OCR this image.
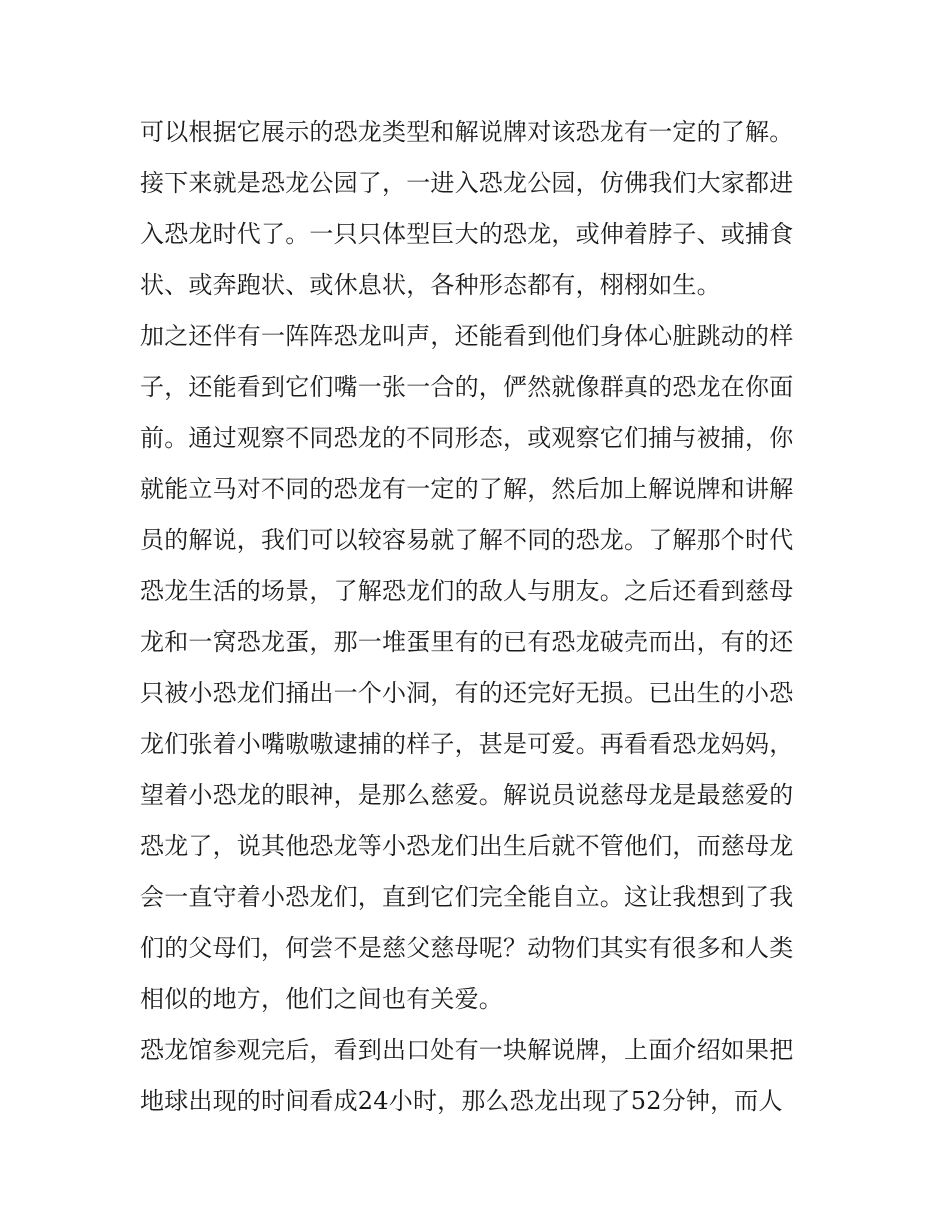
可以根据它展示的恐龙类型和解说牌对该恐龙有一定的了解。
接下来就是恐龙公园了，一进入恐龙公园，仿佛我们大家都进
入恐龙时代了。一只只体型巨大的恐龙，或伸着脖子、或捕食
状、或奔跑状、或休息状，各种形态都有，栩栩如生。
加之还伴有一阵阵恐龙叫声，还能看到他们身体心脏跳动的样
子，还能看到它们嘴一张一合的，俨然就像群真的恐龙在你面
前。通过观察不同恐龙的不同形态，或观察它们捕与被捕，你
就能立马对不同的恐龙有一定的了解，然后加上解说牌和讲解
员的解说，我们可以较容易就了解不同的恐龙。了解那个时代
恐龙生活的场景，了解恐龙们的敌人与朋友。之后还看到慈母
龙和一窝恐龙蛋，那一堆蛋里有的已有恐龙破壳而出，有的还
只被小恐龙们捅出一个小洞，有的还完好无损。已出生的小恐
龙们张着小嘴嗷嗷逮捕的样子，甚是可爱。再看看恐龙妈妈，
望着小恐龙的眼神，是那么慈爱。解说员说慈母龙是最慈爱的
恐龙了，说其他恐龙等小恐龙们出生后就不管他们，而慈母龙
会一直守着小恐龙们，直到它们完全能自立。这让我想到了我
们的父母们，何尝不是慈父慈母呢？动物们其实有很多和人类
相似的地方，他们之间也有关爱。
恐龙馆参观完后，看到出口处有一块解说牌，上面介绍如果把
地球出现的时间看成24小时，那么恐龙出现了52分钟，而人
